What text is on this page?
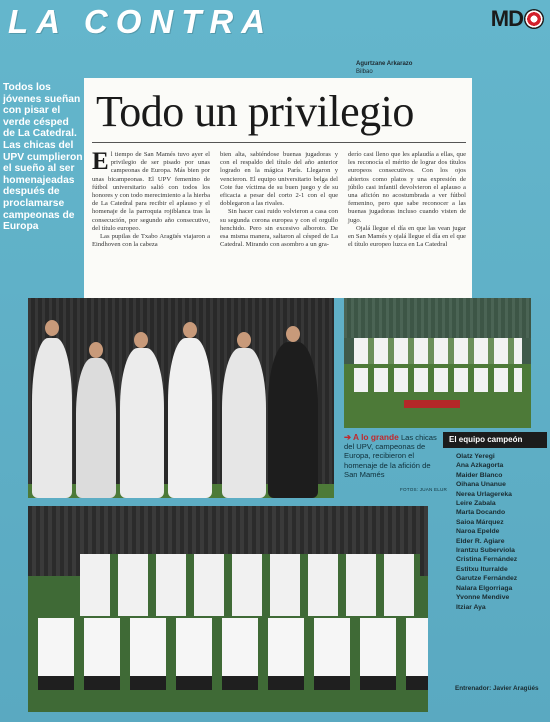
LA CONTRA	MD
Todos los jóvenes sueñan con pisar el verde césped de La Catedral. Las chicas del UPV cumplieron el sueño al ser homenajeadas después de proclamarse campeonas de Europa
Agurtzane Arkarazo
Bilbao
Todo un privilegio
El tiempo de San Mamés tuvo ayer el privilegio de ser pisado por unas campeonas de Europa. Más bien por unas bicampeonas. El UPV femenino de fútbol universitario salió con todos los honores y con todo merecimiento a la hierba de La Catedral para recibir el aplauso y el homenaje de la parroquia rojiblanca tras la consecución, por segundo año consecutivo, del título europeo.
Las pupilas de Txabo Aragüés viajaron a Eindhoven con la cabeza
bien alta, sabiéndose buenas jugadoras y con el respaldo del título del año anterior logrado en la mágica París. Llegaron y vencieron. El equipo universitario belga del Cote fue víctima de su buen juego y de su eficacia a pesar del corto 2-1 con el que doblegaron a las rivales.
Sin hacer casi ruido volvieron a casa con su segunda corona europea y con el orgullo henchido. Pero sin excesivo alboroto. De esa misma manera, saltaron al césped de La Catedral. Mirando con asombro a un gra-
derío casi lleno que les aplaudía a ellas, que les reconocía el mérito de lograr dos títulos europeos consecutivos. Con los ojos abiertos como platos y una expresión de júbilo casi infantil devolvieron el aplauso a una afición no acostumbrada a ver fútbol femenino, pero que sabe reconocer a las buenas jugadoras incluso cuando visten de jugo.
Ojalá llegue el día en que las vean jugar en San Mamés y ojalá llegue el día en el que el título europeo luzca en La Catedral
➔ A lo grande Las chicas del UPV, campeonas de Europa, recibieron el homenaje de la afición de San Mamés
FOTOS: JUAN ELUR
El equipo campeón
Olatz Yeregi
Ana Azkagorta
Maider Blanco
Oihana Unanue
Nerea Urlagereka
Leire Zabala
Marta Docando
Saioa Márquez
Naroa Epelde
Elder R. Agiare
Irantzu Suberviola
Cristina Fernández
Estitxu Iturralde
Garutze Fernández
Nalara Elgorriaga
Yvonne Mendive
Itziar Aya
Entrenador: Javier Aragüés
